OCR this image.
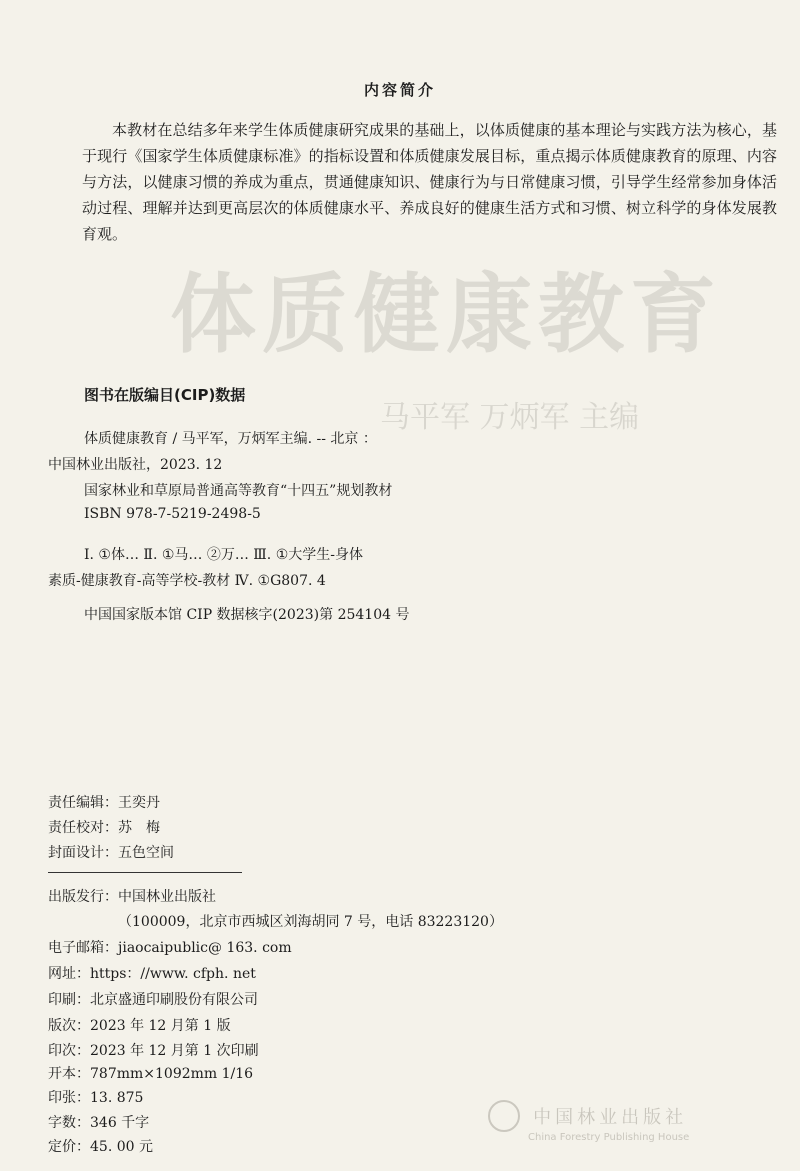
体质健康教育
马平军 万炳军 主编
内容简介

本教材在总结多年来学生体质健康研究成果的基础上，以体质健康的基本理论与实践方法为核心，基于现行《国家学生体质健康标准》的指标设置和体质健康发展目标，重点揭示体质健康教育的原理、内容与方法，以健康习惯的养成为重点，贯通健康知识、健康行为与日常健康习惯，引导学生经常参加身体活动过程、理解并达到更高层次的体质健康水平、养成良好的健康生活方式和习惯、树立科学的身体发展教育观。

图书在版编目(CIP)数据
体质健康教育 / 马平军，万炳军主编. -- 北京 ：
中国林业出版社，2023. 12
国家林业和草原局普通高等教育“十四五”规划教材
ISBN 978-7-5219-2498-5
Ⅰ. ①体… Ⅱ. ①马… ②万… Ⅲ. ①大学生-身体
素质-健康教育-高等学校-教材 Ⅳ. ①G807. 4
中国国家版本馆 CIP 数据核字(2023)第 254104 号
责任编辑：王奕丹
责任校对：苏　梅
封面设计：五色空间
出版发行：中国林业出版社
（100009，北京市西城区刘海胡同 7 号，电话 83223120）
电子邮箱：jiaocaipublic@ 163. com
网址：https：//www. cfph. net
印刷：北京盛通印刷股份有限公司
版次：2023 年 12 月第 1 版
印次：2023 年 12 月第 1 次印刷
开本：787mm×1092mm 1/16
印张：13. 875
字数：346 千字
定价：45. 00 元
中国林业出版社
China Forestry Publishing House
